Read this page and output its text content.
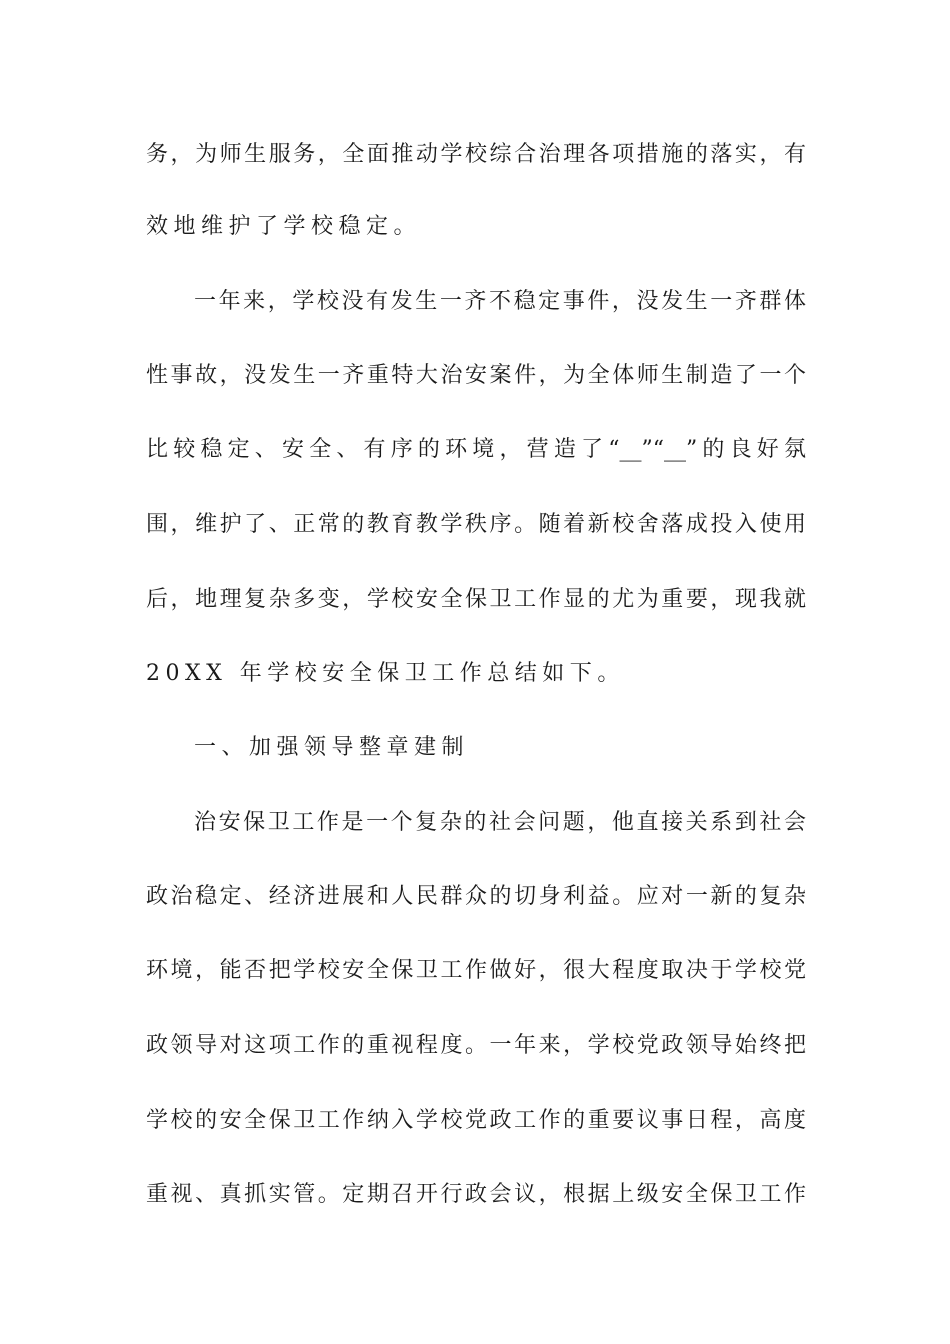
务，为师生服务，全面推动学校综合治理各项措施的落实，有
效地维护了学校稳定。
一年来，学校没有发生一齐不稳定事件，没发生一齐群体
性事故，没发生一齐重特大治安案件，为全体师生制造了一个
比较稳定、安全、有序的环境，营造了“__”“__”的良好氛
围，维护了、正常的教育教学秩序。随着新校舍落成投入使用
后，地理复杂多变，学校安全保卫工作显的尤为重要，现我就
20XX 年学校安全保卫工作总结如下。
一、加强领导整章建制
治安保卫工作是一个复杂的社会问题，他直接关系到社会
政治稳定、经济进展和人民群众的切身利益。应对一新的复杂
环境，能否把学校安全保卫工作做好，很大程度取决于学校党
政领导对这项工作的重视程度。一年来，学校党政领导始终把
学校的安全保卫工作纳入学校党政工作的重要议事日程，高度
重视、真抓实管。定期召开行政会议，根据上级安全保卫工作
